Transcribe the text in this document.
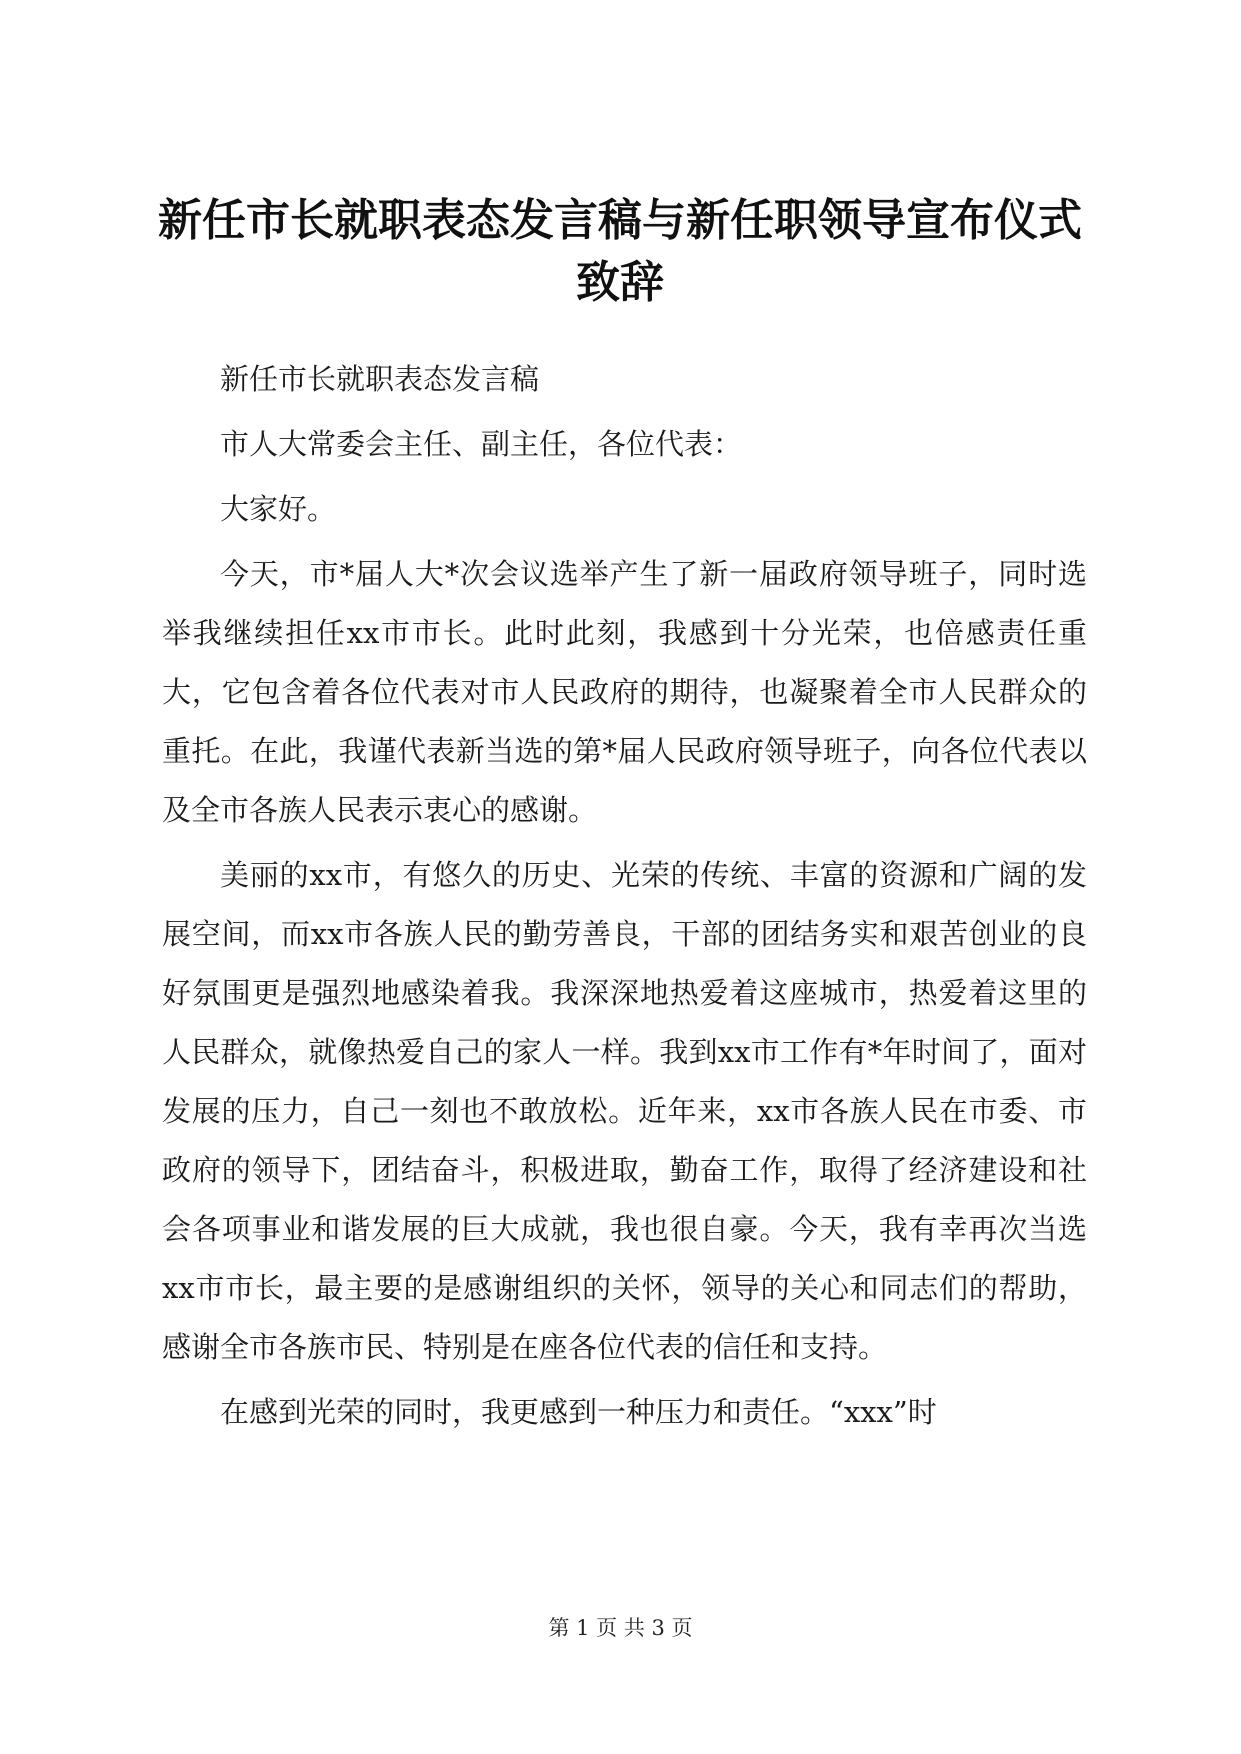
新任市长就职表态发言稿与新任职领导宣布仪式致辞

新任市长就职表态发言稿

市人大常委会主任、副主任，各位代表：

大家好。

今天，市*届人大*次会议选举产生了新一届政府领导班子，同时选举我继续担任xx市市长。此时此刻，我感到十分光荣，也倍感责任重大，它包含着各位代表对市人民政府的期待，也凝聚着全市人民群众的重托。在此，我谨代表新当选的第*届人民政府领导班子，向各位代表以及全市各族人民表示衷心的感谢。

美丽的xx市，有悠久的历史、光荣的传统、丰富的资源和广阔的发展空间，而xx市各族人民的勤劳善良，干部的团结务实和艰苦创业的良好氛围更是强烈地感染着我。我深深地热爱着这座城市，热爱着这里的人民群众，就像热爱自己的家人一样。我到xx市工作有*年时间了，面对发展的压力，自己一刻也不敢放松。近年来，xx市各族人民在市委、市政府的领导下，团结奋斗，积极进取，勤奋工作，取得了经济建设和社会各项事业和谐发展的巨大成就，我也很自豪。今天，我有幸再次当选xx市市长，最主要的是感谢组织的关怀，领导的关心和同志们的帮助，感谢全市各族市民、特别是在座各位代表的信任和支持。

在感到光荣的同时，我更感到一种压力和责任。“xxx”时

第 1 页 共 3 页
